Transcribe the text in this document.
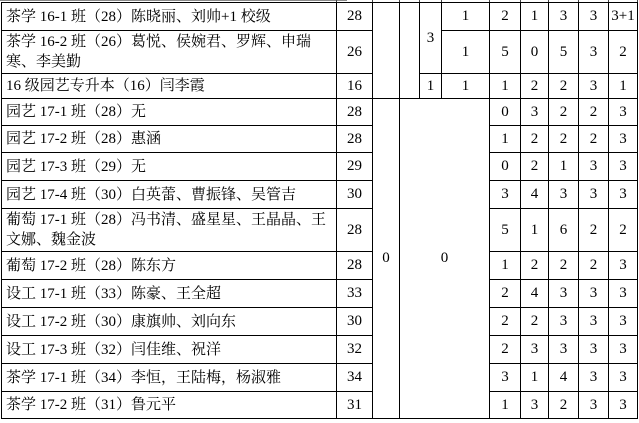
茶学 16-1 班（28）陈晓丽、刘帅+1 校级	28			3	1	2	1	3	3	3+1
茶学 16-2 班（26）葛悦、侯婉君、罗辉、申瑞寒、李美勤	26				1	5	0	5	3	2
16 级园艺专升本（16）闫李霞	16			1	1	1	2	2	3	1
园艺 17-1 班（28）无	28	0	0			0	3	2	2	3
园艺 17-2 班（28）惠涵	28					1	2	2	2	3
园艺 17-3 班（29）无	29					0	2	1	3	3
园艺 17-4 班（30）白英蕾、曹振锋、吴管吉	30					3	4	3	3	3
葡萄 17-1 班（28）冯书清、盛星星、王晶晶、王文娜、魏金波	28					5	1	6	2	2
葡萄 17-2 班（28）陈东方	28					1	2	2	2	3
设工 17-1 班（33）陈豪、王全超	33					2	4	3	3	3
设工 17-2 班（30）康旗帅、刘向东	30					2	2	3	3	3
设工 17-3 班（32）闫佳维、祝洋	32					2	3	3	3	3
茶学 17-1 班（34）李恒，王陆梅，杨淑雅	34					3	1	4	3	3
茶学 17-2 班（31）鲁元平	31					1	3	2	3	3
